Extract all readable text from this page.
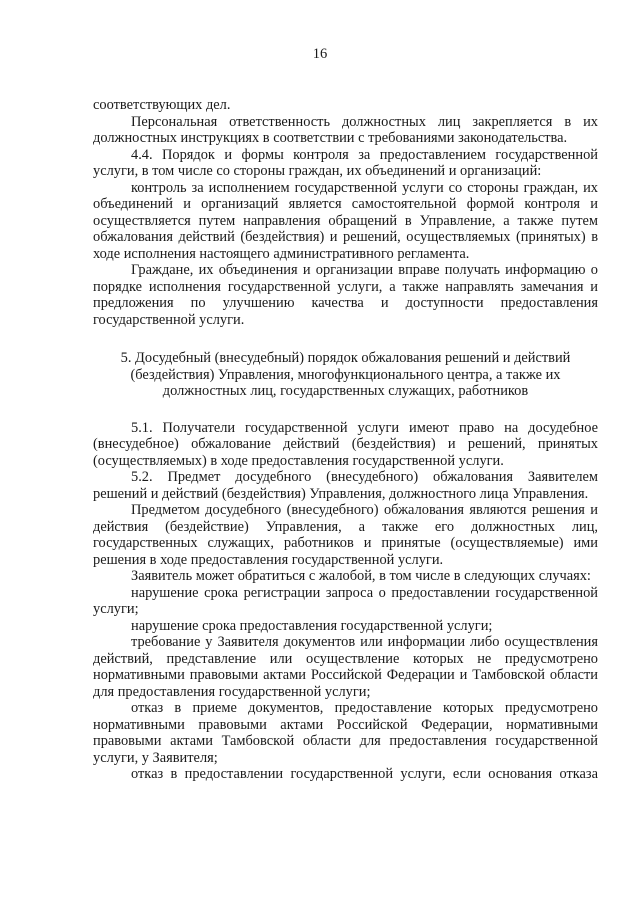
16

соответствующих дел.

Персональная ответственность должностных лиц закрепляется в их должностных инструкциях в соответствии с требованиями законодательства.

4.4. Порядок и формы контроля за предоставлением государственной услуги, в том числе со стороны граждан, их объединений и организаций:

контроль за исполнением государственной услуги со стороны граждан, их объединений и организаций является самостоятельной формой контроля и осуществляется путем направления обращений в Управление, а также путем обжалования действий (бездействия) и решений, осуществляемых (принятых) в ходе исполнения настоящего административного регламента.

Граждане, их объединения и организации вправе получать информацию о порядке исполнения государственной услуги, а также направлять замечания и предложения по улучшению качества и доступности предоставления государственной услуги.

5. Досудебный (внесудебный) порядок обжалования решений и действий (бездействия) Управления, многофункционального центра, а также их должностных лиц, государственных служащих, работников

5.1. Получатели государственной услуги имеют право на досудебное (внесудебное) обжалование действий (бездействия) и решений, принятых (осуществляемых) в ходе предоставления государственной услуги.

5.2. Предмет досудебного (внесудебного) обжалования Заявителем решений и действий (бездействия) Управления, должностного лица Управления.

Предметом досудебного (внесудебного) обжалования являются решения и действия (бездействие) Управления, а также его должностных лиц, государственных служащих, работников и принятые (осуществляемые) ими решения в ходе предоставления государственной услуги.

Заявитель может обратиться с жалобой, в том числе в следующих случаях:

нарушение срока регистрации запроса о предоставлении государственной услуги;

нарушение срока предоставления государственной услуги;

требование у Заявителя документов или информации либо осуществления действий, представление или осуществление которых не предусмотрено нормативными правовыми актами Российской Федерации и Тамбовской области для предоставления государственной услуги;

отказ в приеме документов, предоставление которых предусмотрено нормативными правовыми актами Российской Федерации, нормативными правовыми актами Тамбовской области для предоставления государственной услуги, у Заявителя;

отказ в предоставлении государственной услуги, если основания отказа
